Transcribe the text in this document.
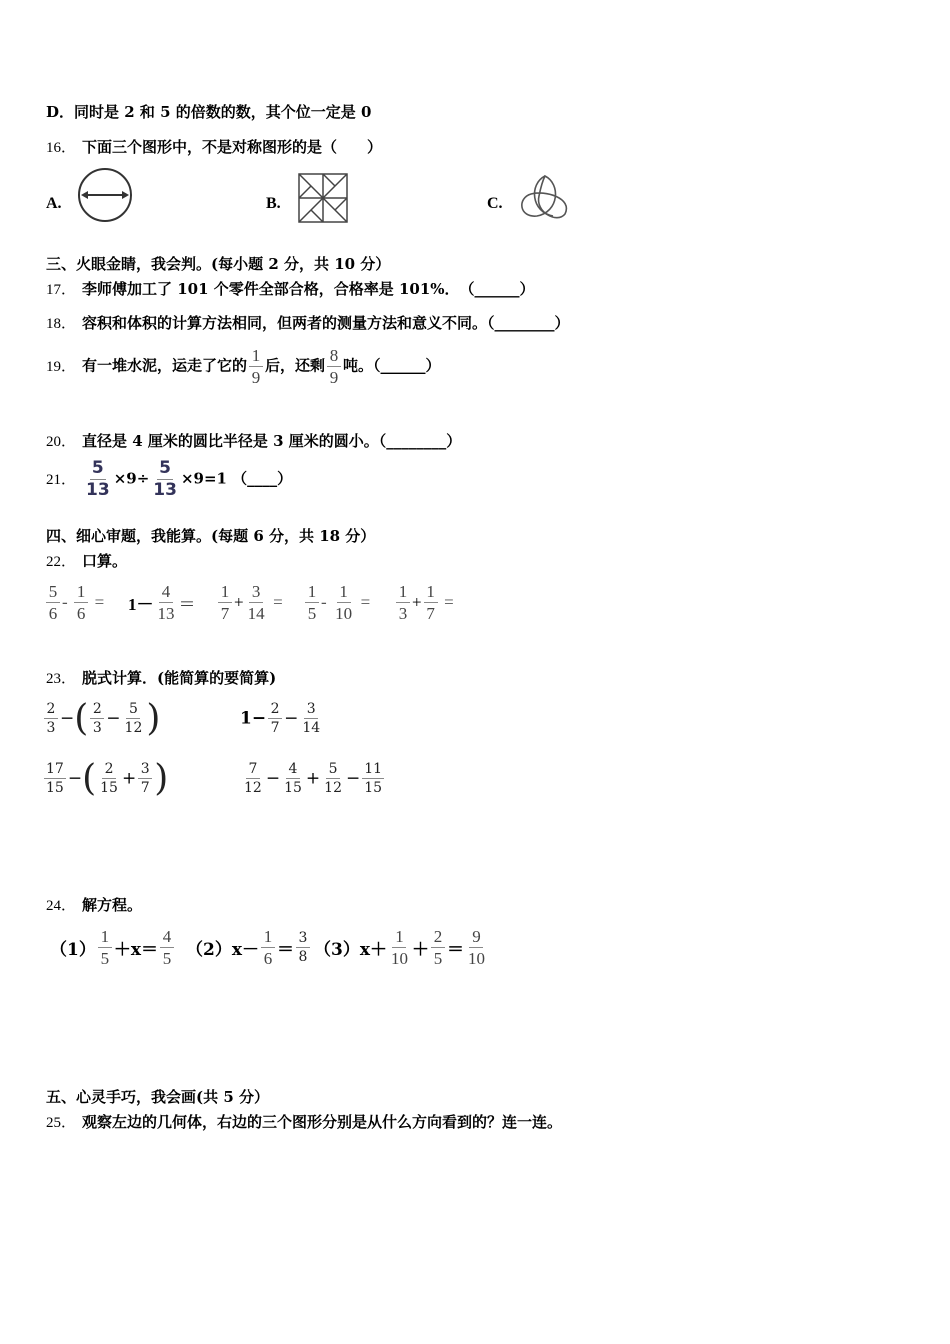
D．同时是 2 和 5 的倍数的数，其个位一定是 0
16． 下面三个图形中，不是对称图形的是（　　）
A.	B.	C.
三、火眼金睛，我会判。(每小题 2 分，共 10 分）
17． 李师傅加工了 101 个零件全部合格，合格率是 101%．　（______）
18． 容积和体积的计算方法相同，但两者的测量方法和意义不同。（________）
19． 有一堆水泥，运走了它的 $\frac{1}{9}$ 后，还剩 $\frac{8}{9}$ 吨。（______）
20． 直径是 4 厘米的圆比半径是 3 厘米的圆小。（________）
21． $\frac{5}{13} \times 9\div \frac{5}{13} \times 9=1$ （____）
四、细心审题，我能算。(每题 6 分，共 18 分）
22． 口算。
$\frac{5}{6} - \frac{1}{6} = 1- \frac{4}{13} = \frac{1}{7} + \frac{3}{14} = \frac{1}{5} - \frac{1}{10} = \frac{1}{3} + \frac{1}{7}$ =
23． 脱式计算．(能简算的要简算)
$\frac{2}{3}$ −( $\frac{2}{3} - \frac{5}{12}$ )	$1- \frac{2}{7} - \frac{3}{14}$
$\frac{17}{15}$ −( $\frac{2}{15} + \frac{3}{7}$ )	$\frac{7}{12} - \frac{4}{15} + \frac{5}{12} - \frac{11}{15}$
24． 解方程。
$(1) \frac{1}{5} +x= \frac{4}{5} (2)x- \frac{1}{6} = \frac{3}{8} (3)x+ \frac{1}{10} + \frac{2}{5} = \frac{9}{10}$
五、心灵手巧，我会画(共 5 分）
25． 观察左边的几何体，右边的三个图形分别是从什么方向看到的？连一连。
